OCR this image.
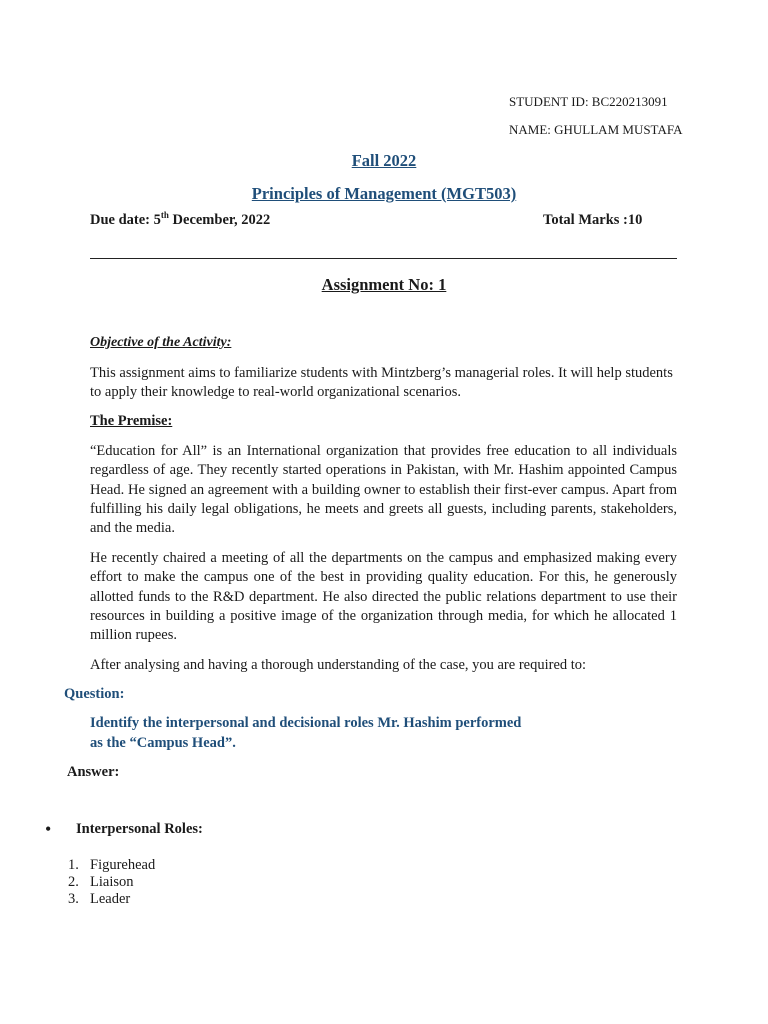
STUDENT ID: BC220213091
NAME: GHULLAM MUSTAFA
Fall 2022
Principles of Management (MGT503)
Due date: 5th December, 2022	Total Marks :10
Assignment No: 1
Objective of the Activity:
This assignment aims to familiarize students with Mintzberg’s managerial roles. It will help students to apply their knowledge to real-world organizational scenarios.
The Premise:
“Education for All” is an International organization that provides free education to all individuals regardless of age. They recently started operations in Pakistan, with Mr. Hashim appointed Campus Head. He signed an agreement with a building owner to establish their first-ever campus. Apart from fulfilling his daily legal obligations, he meets and greets all guests, including parents, stakeholders, and the media.
He recently chaired a meeting of all the departments on the campus and emphasized making every effort to make the campus one of the best in providing quality education. For this, he generously allotted funds to the R&D department. He also directed the public relations department to use their resources in building a positive image of the organization through media, for which he allocated 1 million rupees.
After analysing and having a thorough understanding of the case, you are required to:
Question:
Identify the interpersonal and decisional roles Mr. Hashim performed
as the “Campus Head”.
Answer:
• Interpersonal Roles:
1. Figurehead
2. Liaison
3. Leader
